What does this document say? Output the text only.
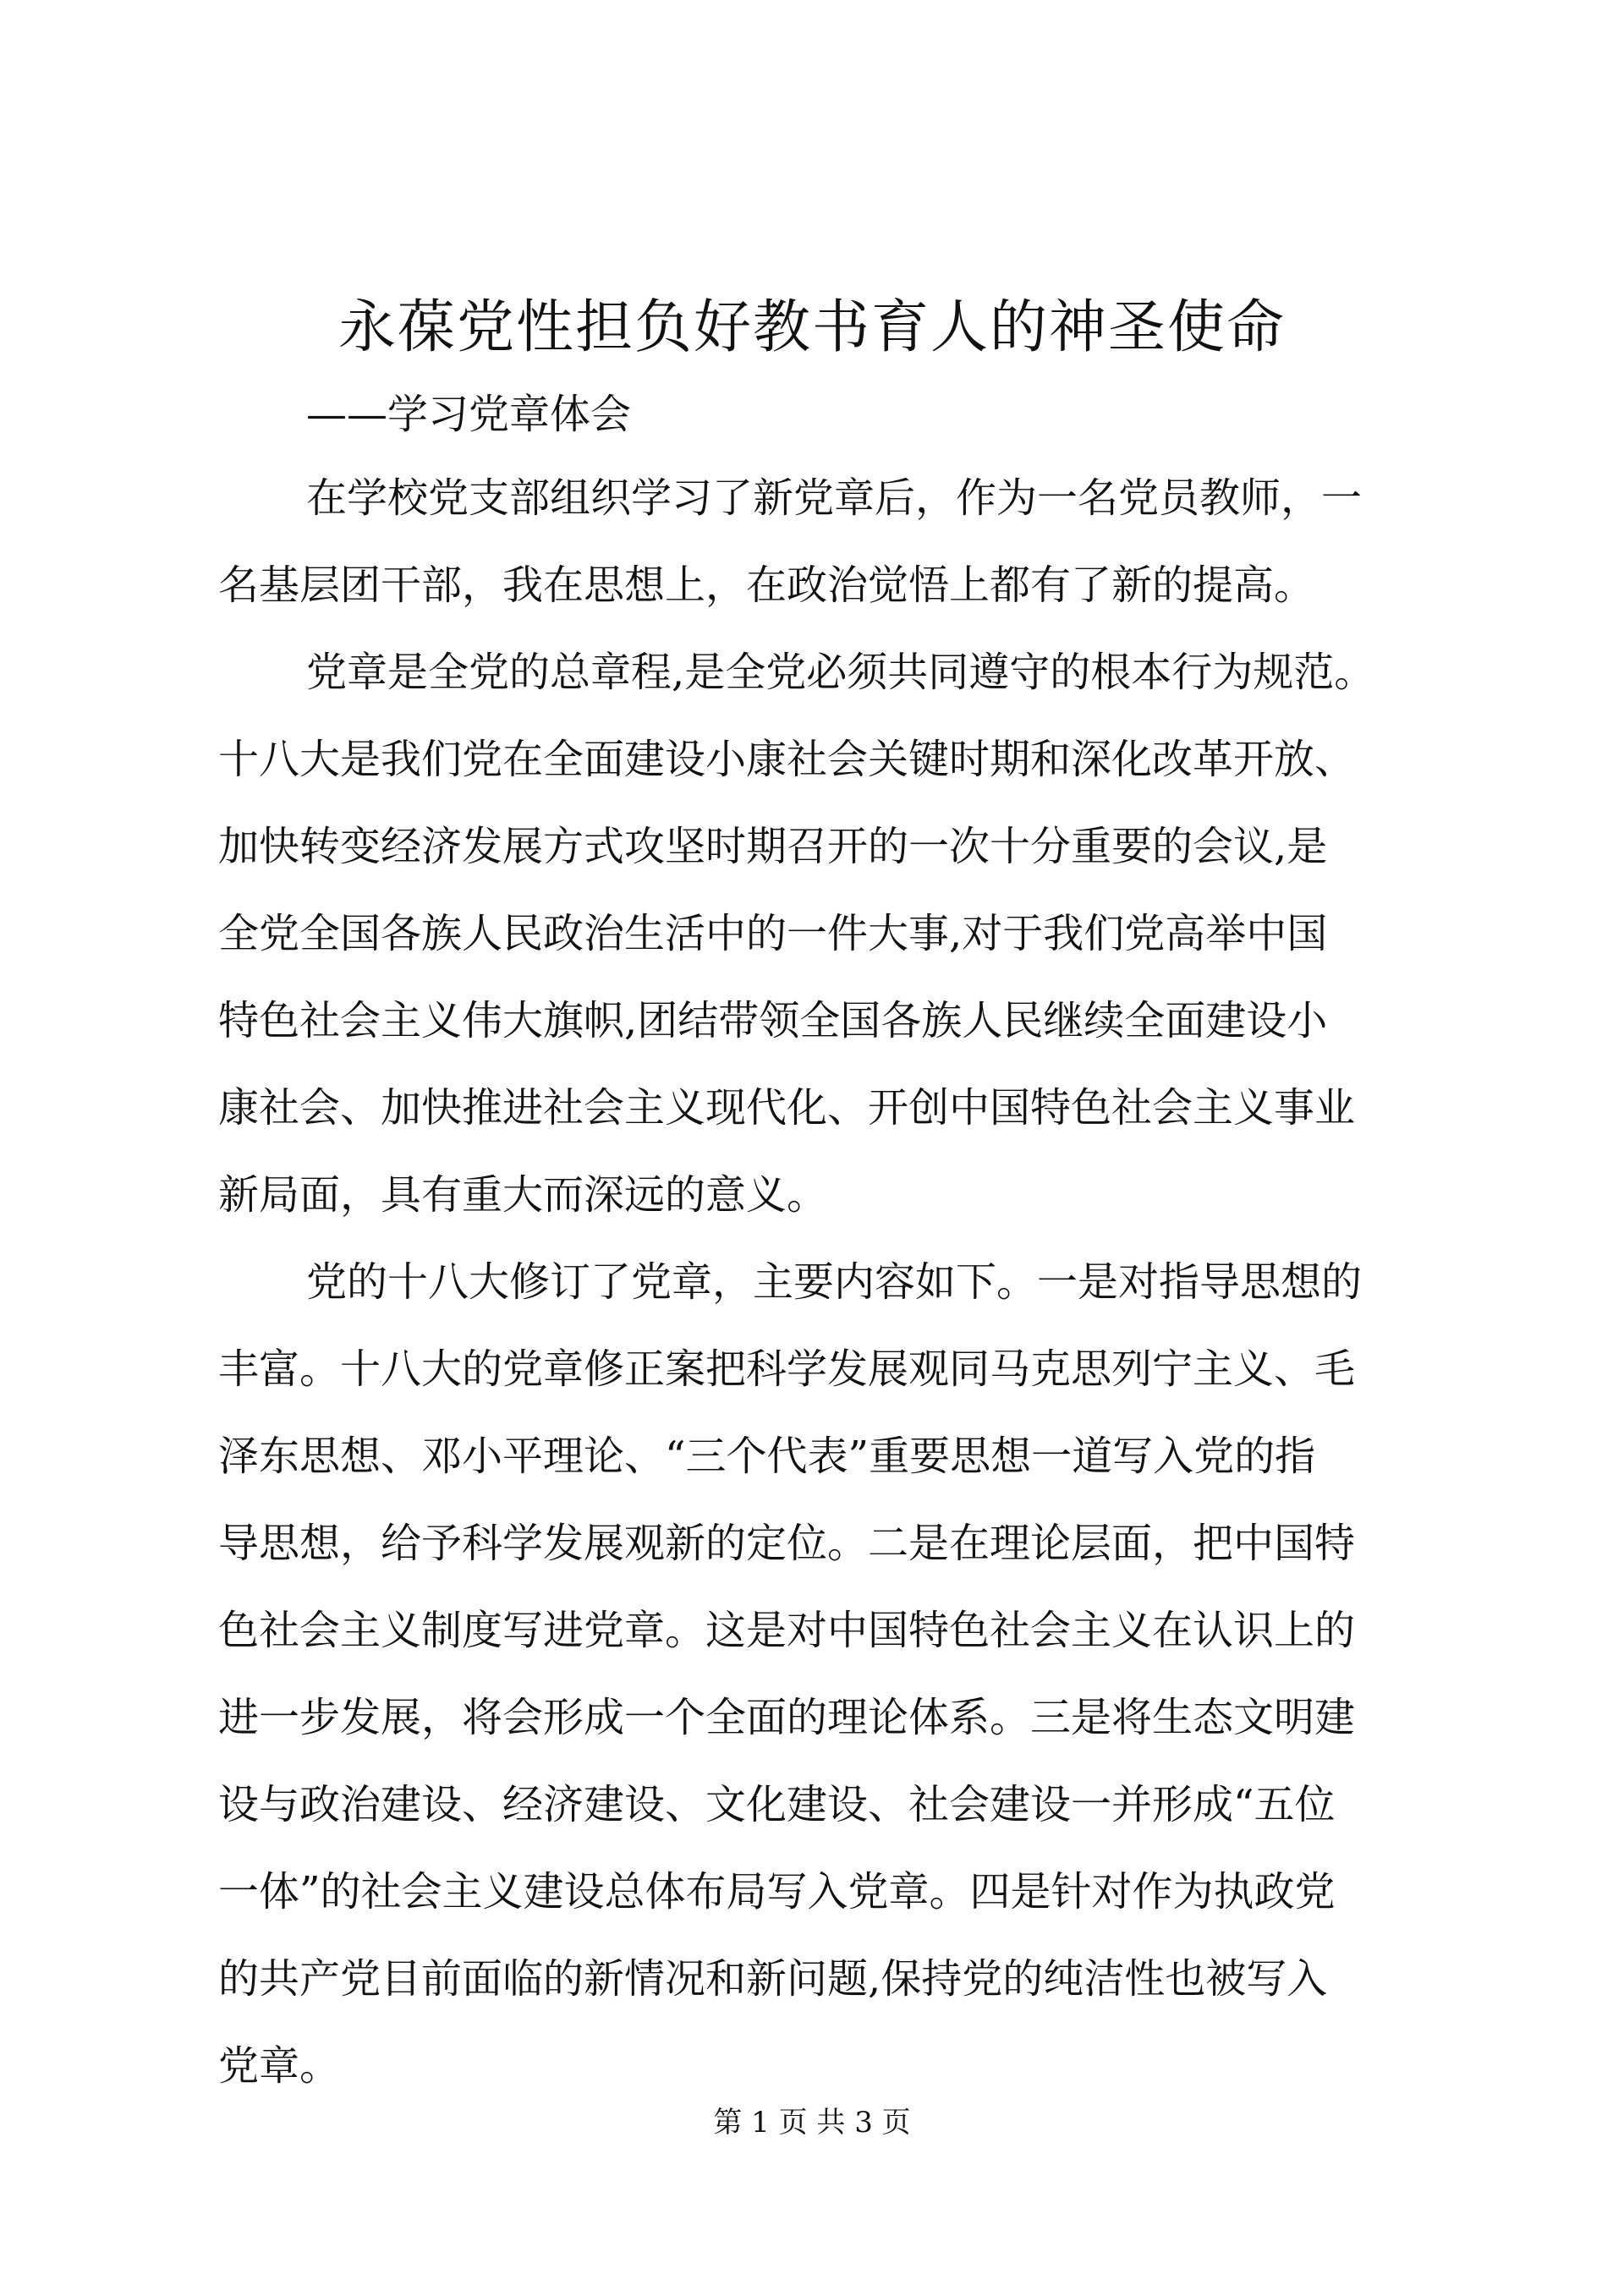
永葆党性担负好教书育人的神圣使命
——学习党章体会
在学校党支部组织学习了新党章后，作为一名党员教师，一
名基层团干部，我在思想上，在政治觉悟上都有了新的提高。
党章是全党的总章程,是全党必须共同遵守的根本行为规范。
十八大是我们党在全面建设小康社会关键时期和深化改革开放、
加快转变经济发展方式攻坚时期召开的一次十分重要的会议,是
全党全国各族人民政治生活中的一件大事,对于我们党高举中国
特色社会主义伟大旗帜,团结带领全国各族人民继续全面建设小
康社会、加快推进社会主义现代化、开创中国特色社会主义事业
新局面，具有重大而深远的意义。
党的十八大修订了党章，主要内容如下。一是对指导思想的
丰富。十八大的党章修正案把科学发展观同马克思列宁主义、毛
泽东思想、邓小平理论、“三个代表”重要思想一道写入党的指
导思想，给予科学发展观新的定位。二是在理论层面，把中国特
色社会主义制度写进党章。这是对中国特色社会主义在认识上的
进一步发展，将会形成一个全面的理论体系。三是将生态文明建
设与政治建设、经济建设、文化建设、社会建设一并形成“五位
一体”的社会主义建设总体布局写入党章。四是针对作为执政党
的共产党目前面临的新情况和新问题,保持党的纯洁性也被写入
党章。
第 1 页 共 3 页
